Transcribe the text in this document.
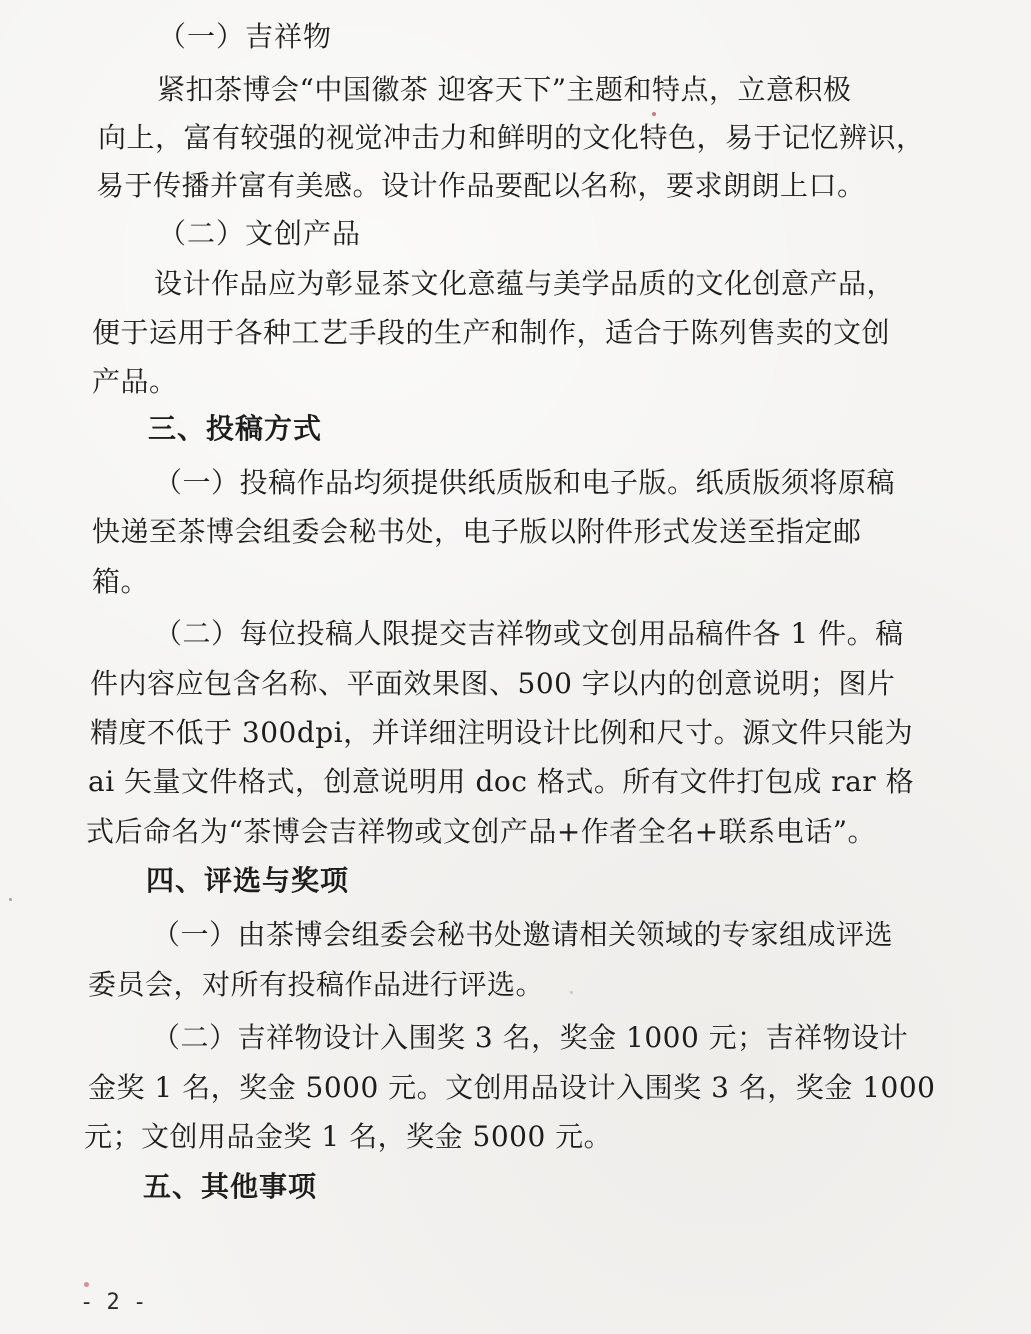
（一）吉祥物
紧扣茶博会“中国徽茶 迎客天下”主题和特点，立意积极
向上，富有较强的视觉冲击力和鲜明的文化特色，易于记忆辨识，
易于传播并富有美感。设计作品要配以名称，要求朗朗上口。
（二）文创产品
设计作品应为彰显茶文化意蕴与美学品质的文化创意产品，
便于运用于各种工艺手段的生产和制作，适合于陈列售卖的文创
产品。
三、投稿方式
（一）投稿作品均须提供纸质版和电子版。纸质版须将原稿
快递至茶博会组委会秘书处，电子版以附件形式发送至指定邮
箱。
（二）每位投稿人限提交吉祥物或文创用品稿件各 1 件。稿
件内容应包含名称、平面效果图、500 字以内的创意说明；图片
精度不低于 300dpi，并详细注明设计比例和尺寸。源文件只能为
ai 矢量文件格式，创意说明用 doc 格式。所有文件打包成 rar 格
式后命名为“茶博会吉祥物或文创产品+作者全名+联系电话”。
四、评选与奖项
（一）由茶博会组委会秘书处邀请相关领域的专家组成评选
委员会，对所有投稿作品进行评选。
（二）吉祥物设计入围奖 3 名，奖金 1000 元；吉祥物设计
金奖 1 名，奖金 5000 元。文创用品设计入围奖 3 名，奖金 1000
元；文创用品金奖 1 名，奖金 5000 元。
五、其他事项
- 2 -
